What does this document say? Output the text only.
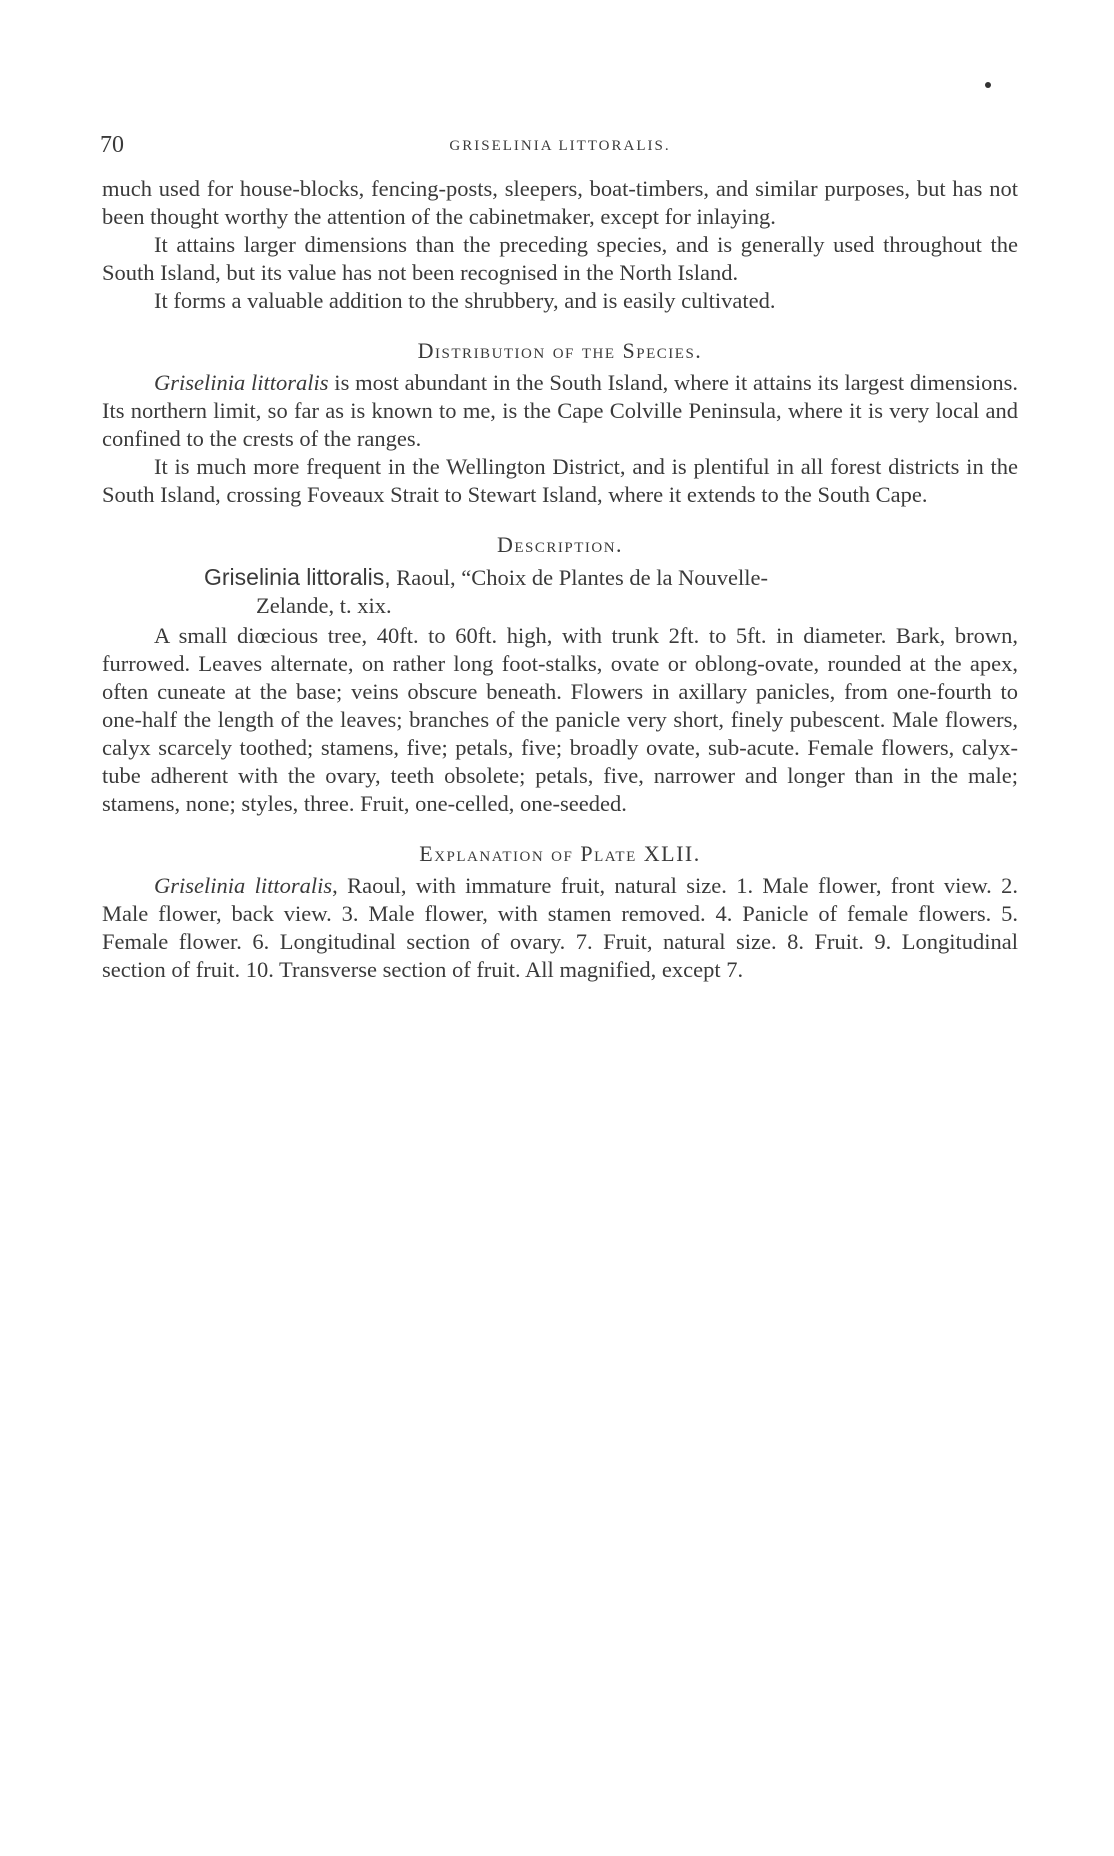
70	GRISELINIA LITTORALIS.

much used for house-blocks, fencing-posts, sleepers, boat-timbers, and similar purposes, but has not been thought worthy the attention of the cabinetmaker, except for inlaying.

It attains larger dimensions than the preceding species, and is generally used throughout the South Island, but its value has not been recognised in the North Island.

It forms a valuable addition to the shrubbery, and is easily cultivated.

Distribution of the Species.

Griselinia littoralis is most abundant in the South Island, where it attains its largest dimensions. Its northern limit, so far as is known to me, is the Cape Colville Peninsula, where it is very local and confined to the crests of the ranges.

It is much more frequent in the Wellington District, and is plentiful in all forest districts in the South Island, crossing Foveaux Strait to Stewart Island, where it extends to the South Cape.

Description.

Griselinia littoralis, Raoul, “Choix de Plantes de la Nouvelle-

Zelande, t. xix.

A small diœcious tree, 40ft. to 60ft. high, with trunk 2ft. to 5ft. in diameter. Bark, brown, furrowed. Leaves alternate, on rather long foot-stalks, ovate or oblong-ovate, rounded at the apex, often cuneate at the base; veins obscure beneath. Flowers in axillary panicles, from one-fourth to one-half the length of the leaves; branches of the panicle very short, finely pubescent. Male flowers, calyx scarcely toothed; stamens, five; petals, five; broadly ovate, sub-acute. Female flowers, calyx-tube adherent with the ovary, teeth obsolete; petals, five, narrower and longer than in the male; stamens, none; styles, three. Fruit, one-celled, one-seeded.

Explanation of Plate XLII.

Griselinia littoralis, Raoul, with immature fruit, natural size. 1. Male flower, front view. 2. Male flower, back view. 3. Male flower, with stamen removed. 4. Panicle of female flowers. 5. Female flower. 6. Longitudinal section of ovary. 7. Fruit, natural size. 8. Fruit. 9. Longitudinal section of fruit. 10. Transverse section of fruit. All magnified, except 7.
